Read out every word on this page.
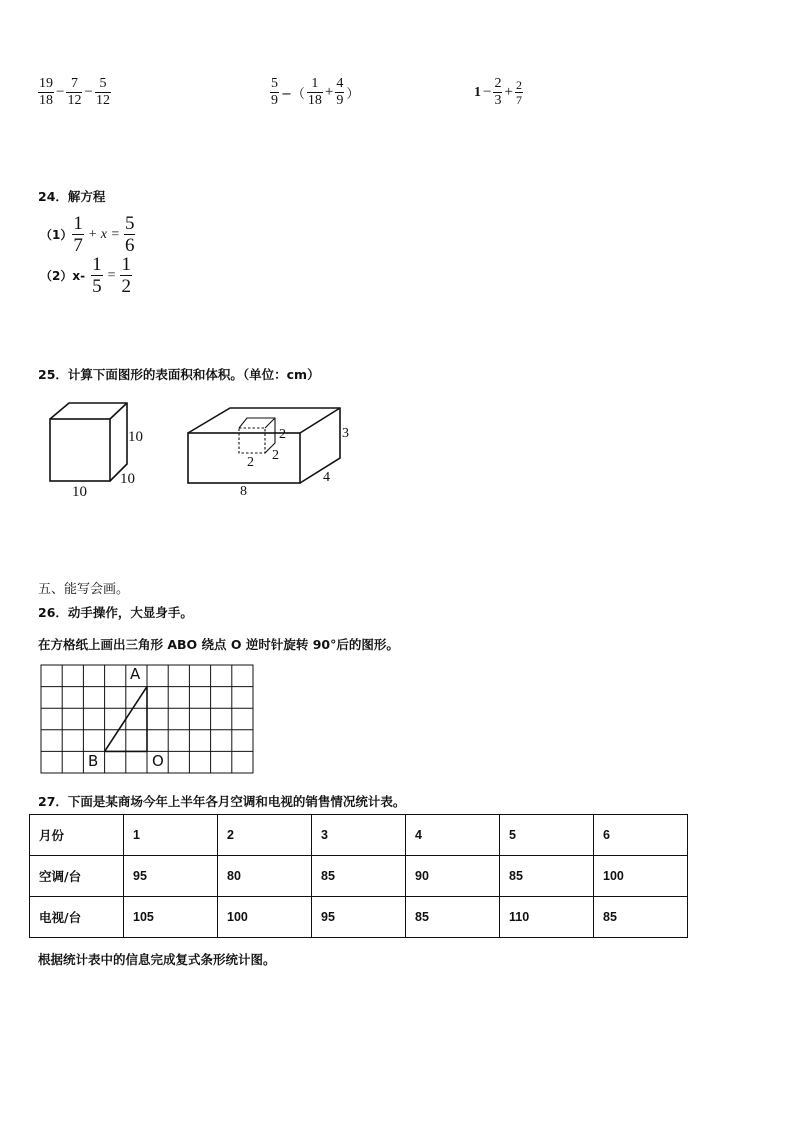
$\frac{19}{18} - \frac{7}{12} - \frac{5}{12}$	$\frac{5}{9}$ −（ $\frac{1}{18} + \frac{4}{9}$ ）	$1 - \frac{2}{3} + \frac{2}{7}$
24．解方程
$(1) \frac{1}{7} + x = \frac{5}{6}$
$(2)x- \frac{1}{5} = \frac{1}{2}$
25．计算下面图形的表面积和体积。（单位：cm）
10
10
10
2
2
2
3
4
8
五、能写会画。
26．动手操作，大显身手。
在方格纸上画出三角形 ABO 绕点 O 逆时针旋转 90°后的图形。
A
B	O
27．下面是某商场今年上半年各月空调和电视的销售情况统计表。
月份	1	2	3	4	5	6
空调/台	95	80	85	90	85	100
电视/台	105	100	95	85	110	85
根据统计表中的信息完成复式条形统计图。
